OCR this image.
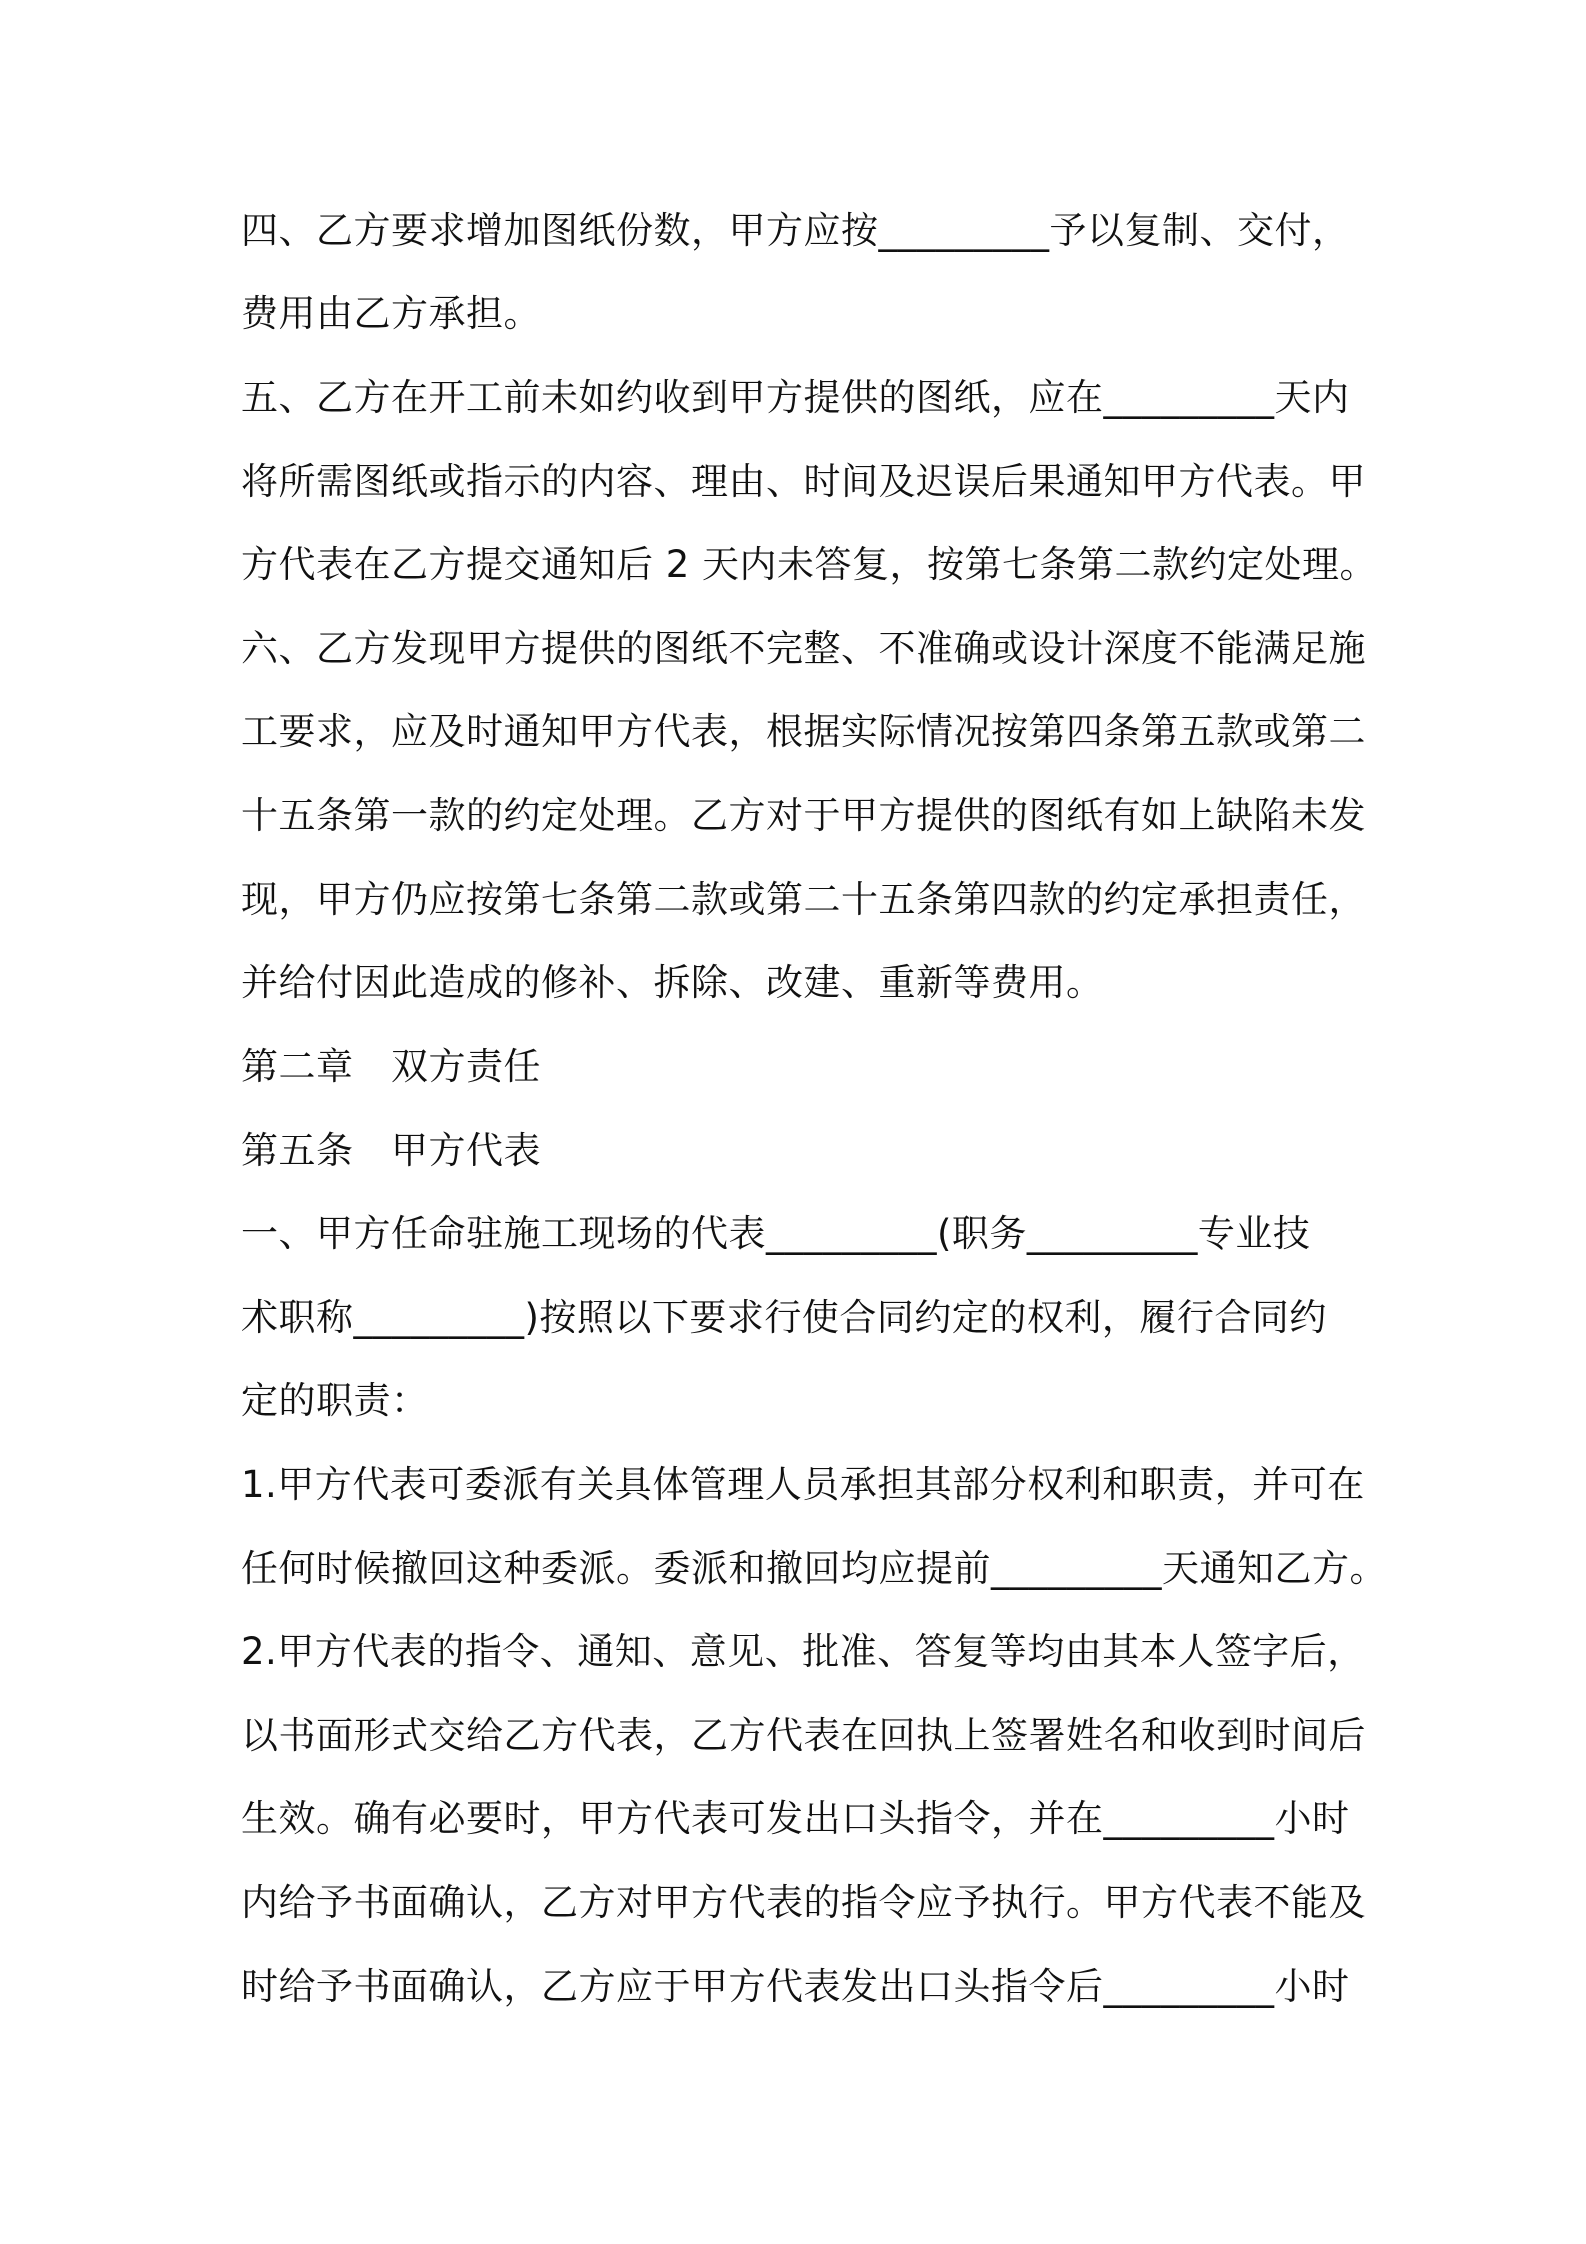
四、乙方要求增加图纸份数，甲方应按_________予以复制、交付，

费用由乙方承担。

五、乙方在开工前未如约收到甲方提供的图纸，应在_________天内

将所需图纸或指示的内容、理由、时间及迟误后果通知甲方代表。甲

方代表在乙方提交通知后 2 天内未答复，按第七条第二款约定处理。

六、乙方发现甲方提供的图纸不完整、不准确或设计深度不能满足施

工要求，应及时通知甲方代表，根据实际情况按第四条第五款或第二

十五条第一款的约定处理。乙方对于甲方提供的图纸有如上缺陷未发

现，甲方仍应按第七条第二款或第二十五条第四款的约定承担责任，

并给付因此造成的修补、拆除、改建、重新等费用。

第二章　双方责任

第五条　甲方代表

一、甲方任命驻施工现场的代表_________(职务_________专业技

术职称_________)按照以下要求行使合同约定的权利，履行合同约

定的职责：

1.甲方代表可委派有关具体管理人员承担其部分权利和职责，并可在

任何时候撤回这种委派。委派和撤回均应提前_________天通知乙方。

2.甲方代表的指令、通知、意见、批准、答复等均由其本人签字后，

以书面形式交给乙方代表，乙方代表在回执上签署姓名和收到时间后

生效。确有必要时，甲方代表可发出口头指令，并在_________小时

内给予书面确认，乙方对甲方代表的指令应予执行。甲方代表不能及

时给予书面确认，乙方应于甲方代表发出口头指令后_________小时
